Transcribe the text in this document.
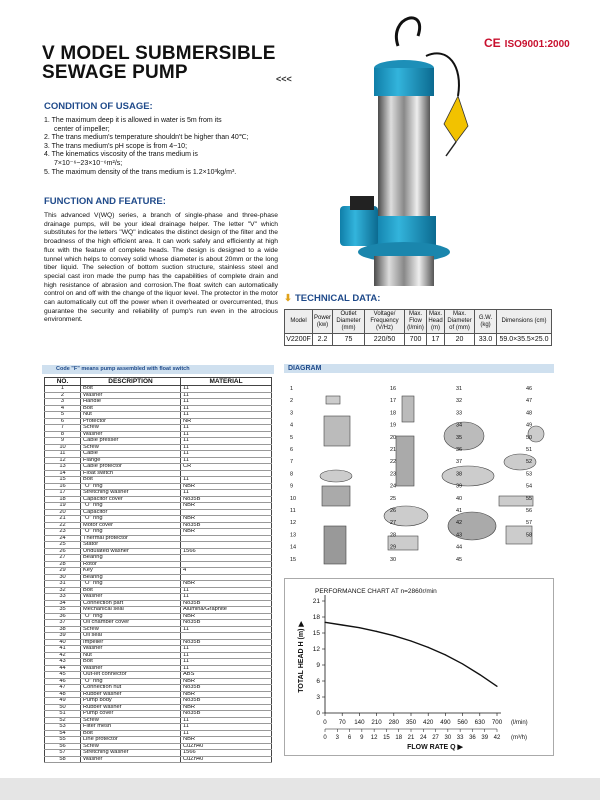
V MODEL SUBMERSIBLE
SEWAGE PUMP	<<<
CE ISO9001:2000
CONDITION OF USAGE:
1. The maximum deep it is allowed in water is 5m from its
center of impeller;
2. The trans medium's temperature shouldn't be higher than 40℃;
3. The trans medium's pH scope is from 4~10;
4. The kinematics viscosity of the trans medium is
7×10⁻⁶~23×10⁻⁶m²/s;
5. The maximum density of the trans medium is 1.2×10³kg/m³.
FUNCTION AND FEATURE:

This advanced V(WQ) series, a branch of single-phase and three-phase drainage pumps, will be your ideal drainage helper. The letter "V" which substitutes for the letters "WQ" indicates the distinct design of the filter and the broadness of the high efficient area. It can work safely and efficiently at high flux with the feature of complete heads. The design is designed to a wide tunnel which helps to convey solid whose diameter is about 20mm or the long tiber liquid. The selection of bottom suction structure, stainless steel and special cast iron made the pump has the capabilities of complete drain and high resistance of abrasion and corrosion.The float switch can automatically control on and off with the change of the liquor level. The protector in the motor can automatically cut off the power when it overheated or overcurrented, thus guarantee the security and reliability of pump's run even in the atrocious environment.

⬇ TECHNICAL DATA:
Model	Power (kw)	Outlet Diameter (mm)	Voltage/ Frequency (V/Hz)	Max. Flow (l/min)	Max. Head (m)	Max. Diameter of (mm)	G.W. (kg)	Dimensions (cm)
V2200F	2.2	75	220/50	700	17	20	33.0	59.0×35.5×25.0
Code "F" means pump assembled with float switch
NO.	DESCRIPTION	MATERIAL
1	Bolt	11
2	Washer	11
3	Handle	11
4	Bolt	11
5	Nut	11
6	Protector	NR
7	Screw	11
8	Washer	11
9	Cable presser	11
10	Screw	11
11	Cable	11
12	Flange	11
13	Cable protector	CR
14	Float switch	
15	Bolt	11
16	"O" ring	NBR
17	Stretching washer	11
18	Capacitor cover	No35B
19	"O" ring	NBR
20	Capacitor	
21	"O" ring	NBR
22	Motor cover	No35B
23	"O" ring	NBR
24	Thermal protector	
25	Stator	
26	Undulated washer	1566
27	Bearing	
28	Rotor	
29	Key	4
30	Bearing	
31	"O" ring	NBR
32	Bolt	11
33	Washer	11
34	Connection part	No35B
35	Mechanical seal	Alumina/Graphite
36	"O" ring	NBR
37	Oil chamber cover	No35B
38	Screw	11
39	Oil seal	
40	Impeller	No35B
41	Washer	11
42	Nut	11
43	Bolt	11
44	Washer	11
45	Out-let connector	ABS
46	"O" ring	NBR
47	Connection nut	No35B
48	Rubber washer	NBR
49	Pump body	No35B
50	Rubber washer	NBR
51	Pump cover	No35B
52	Screw	11
53	Filter mesh	11
54	Bolt	11
55	Line protector	NBR
56	Screw	CuZn40
57	Stretching washer	1566
58	Washer	CuZn40
DIAGRAM
1
2
3
4
5
6
7
8
9
10
11
12
13
14
15
16
17
18
19
20
21
22
23
24
25
26
27
28
29
30
31
32
33
34
35
36
37
38
39
40
41
42
43
44
45
46
47
48
49
50
51
52
53
54
55
56
57
58
PERFORMANCE CHART AT n=2860r/min
0
3
6
9
12
15
18
21
0 70 140 210 280 350 420 490 560 630 700 (l/min)
0 3 6 9 12 15 18 21 24 27 30 33 36 39 42 (m³/h)
FLOW RATE Q ▶
TOTAL HEAD H (m) ▶
